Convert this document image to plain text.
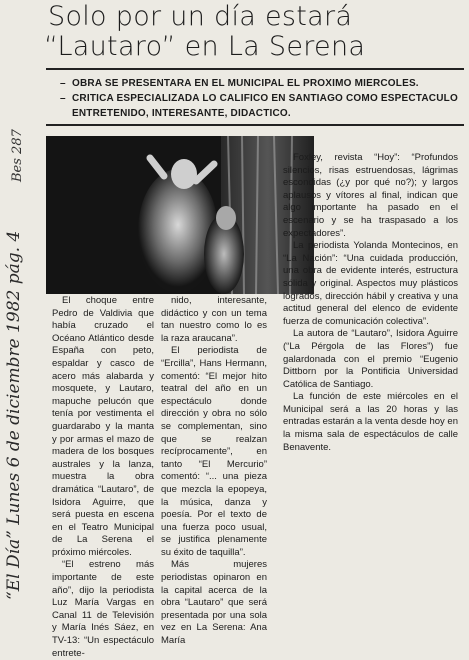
Solo por un día estará
“Lautaro” en La Serena
– OBRA SE PRESENTARA EN EL MUNICIPAL EL PROXIMO MIERCOLES.
– CRITICA ESPECIALIZADA LO CALIFICO EN SANTIAGO COMO ESPECTACULO ENTRETENIDO, INTERESANTE, DIDACTICO.

El choque entre Pedro de Valdivia que había cruzado el Océano Atlántico desde España con peto, espaldar y casco de acero más alabarda y mosquete, y Lautaro, mapuche pelucón que tenía por vestimenta el guardarabo y la manta y por armas el mazo de madera de los bosques australes y la lanza, muestra la obra dramática “Lautaro”, de Isidora Aguirre, que será puesta en escena en el Teatro Municipal de La Serena el próximo miércoles.

“El estreno más importante de este año”, dijo la periodista Luz María Vargas en Canal 11 de Televisión y María Inés Sáez, en TV-13: “Un espectáculo entrete-

nido, interesante, didáctico y con un tema tan nuestro como lo es la raza araucana”.

El periodista de “Ercilla”, Hans Hermann, comentó: “El mejor hito teatral del año en un espectáculo donde dirección y obra no sólo se complementan, sino que se realzan recíprocamente”, en tanto “El Mercurio” comentó: “... una pieza que mezcla la epopeya, la música, danza y poesía. Por el texto de una fuerza poco usual, se justifica plenamente su éxito de taquilla”.

Más mujeres periodistas opinaron en la capital acerca de la obra “Lautaro” que será presentada por una sola vez en La Serena: Ana María

Foxley, revista “Hoy”: “Profundos silencios, risas estruendosas, lágrimas escondidas (¿y por qué no?); y largos aplausos y vítores al final, indican que algo importante ha pasado en el escenario y se ha traspasado a los expectadores”.

La periodista Yolanda Montecinos, en “La Nación”: “Una cuidada producción, una obra de evidente interés, estructura sólida y original. Aspectos muy plásticos logrados, dirección hábil y creativa y una actitud general del elenco de evidente fuerza de comunicación colectiva”.

La autora de “Lautaro”, Isidora Aguirre (“La Pérgola de las Flores”) fue galardonada con el premio “Eugenio Dittborn por la Pontificia Universidad Católica de Santiago.

La función de este miércoles en el Municipal será a las 20 horas y las entradas estarán a la venta desde hoy en la misma sala de espectáculos de calle Benavente.

“El Día” Lunes 6 de diciembre 1982 pág. 4
Bes 287
